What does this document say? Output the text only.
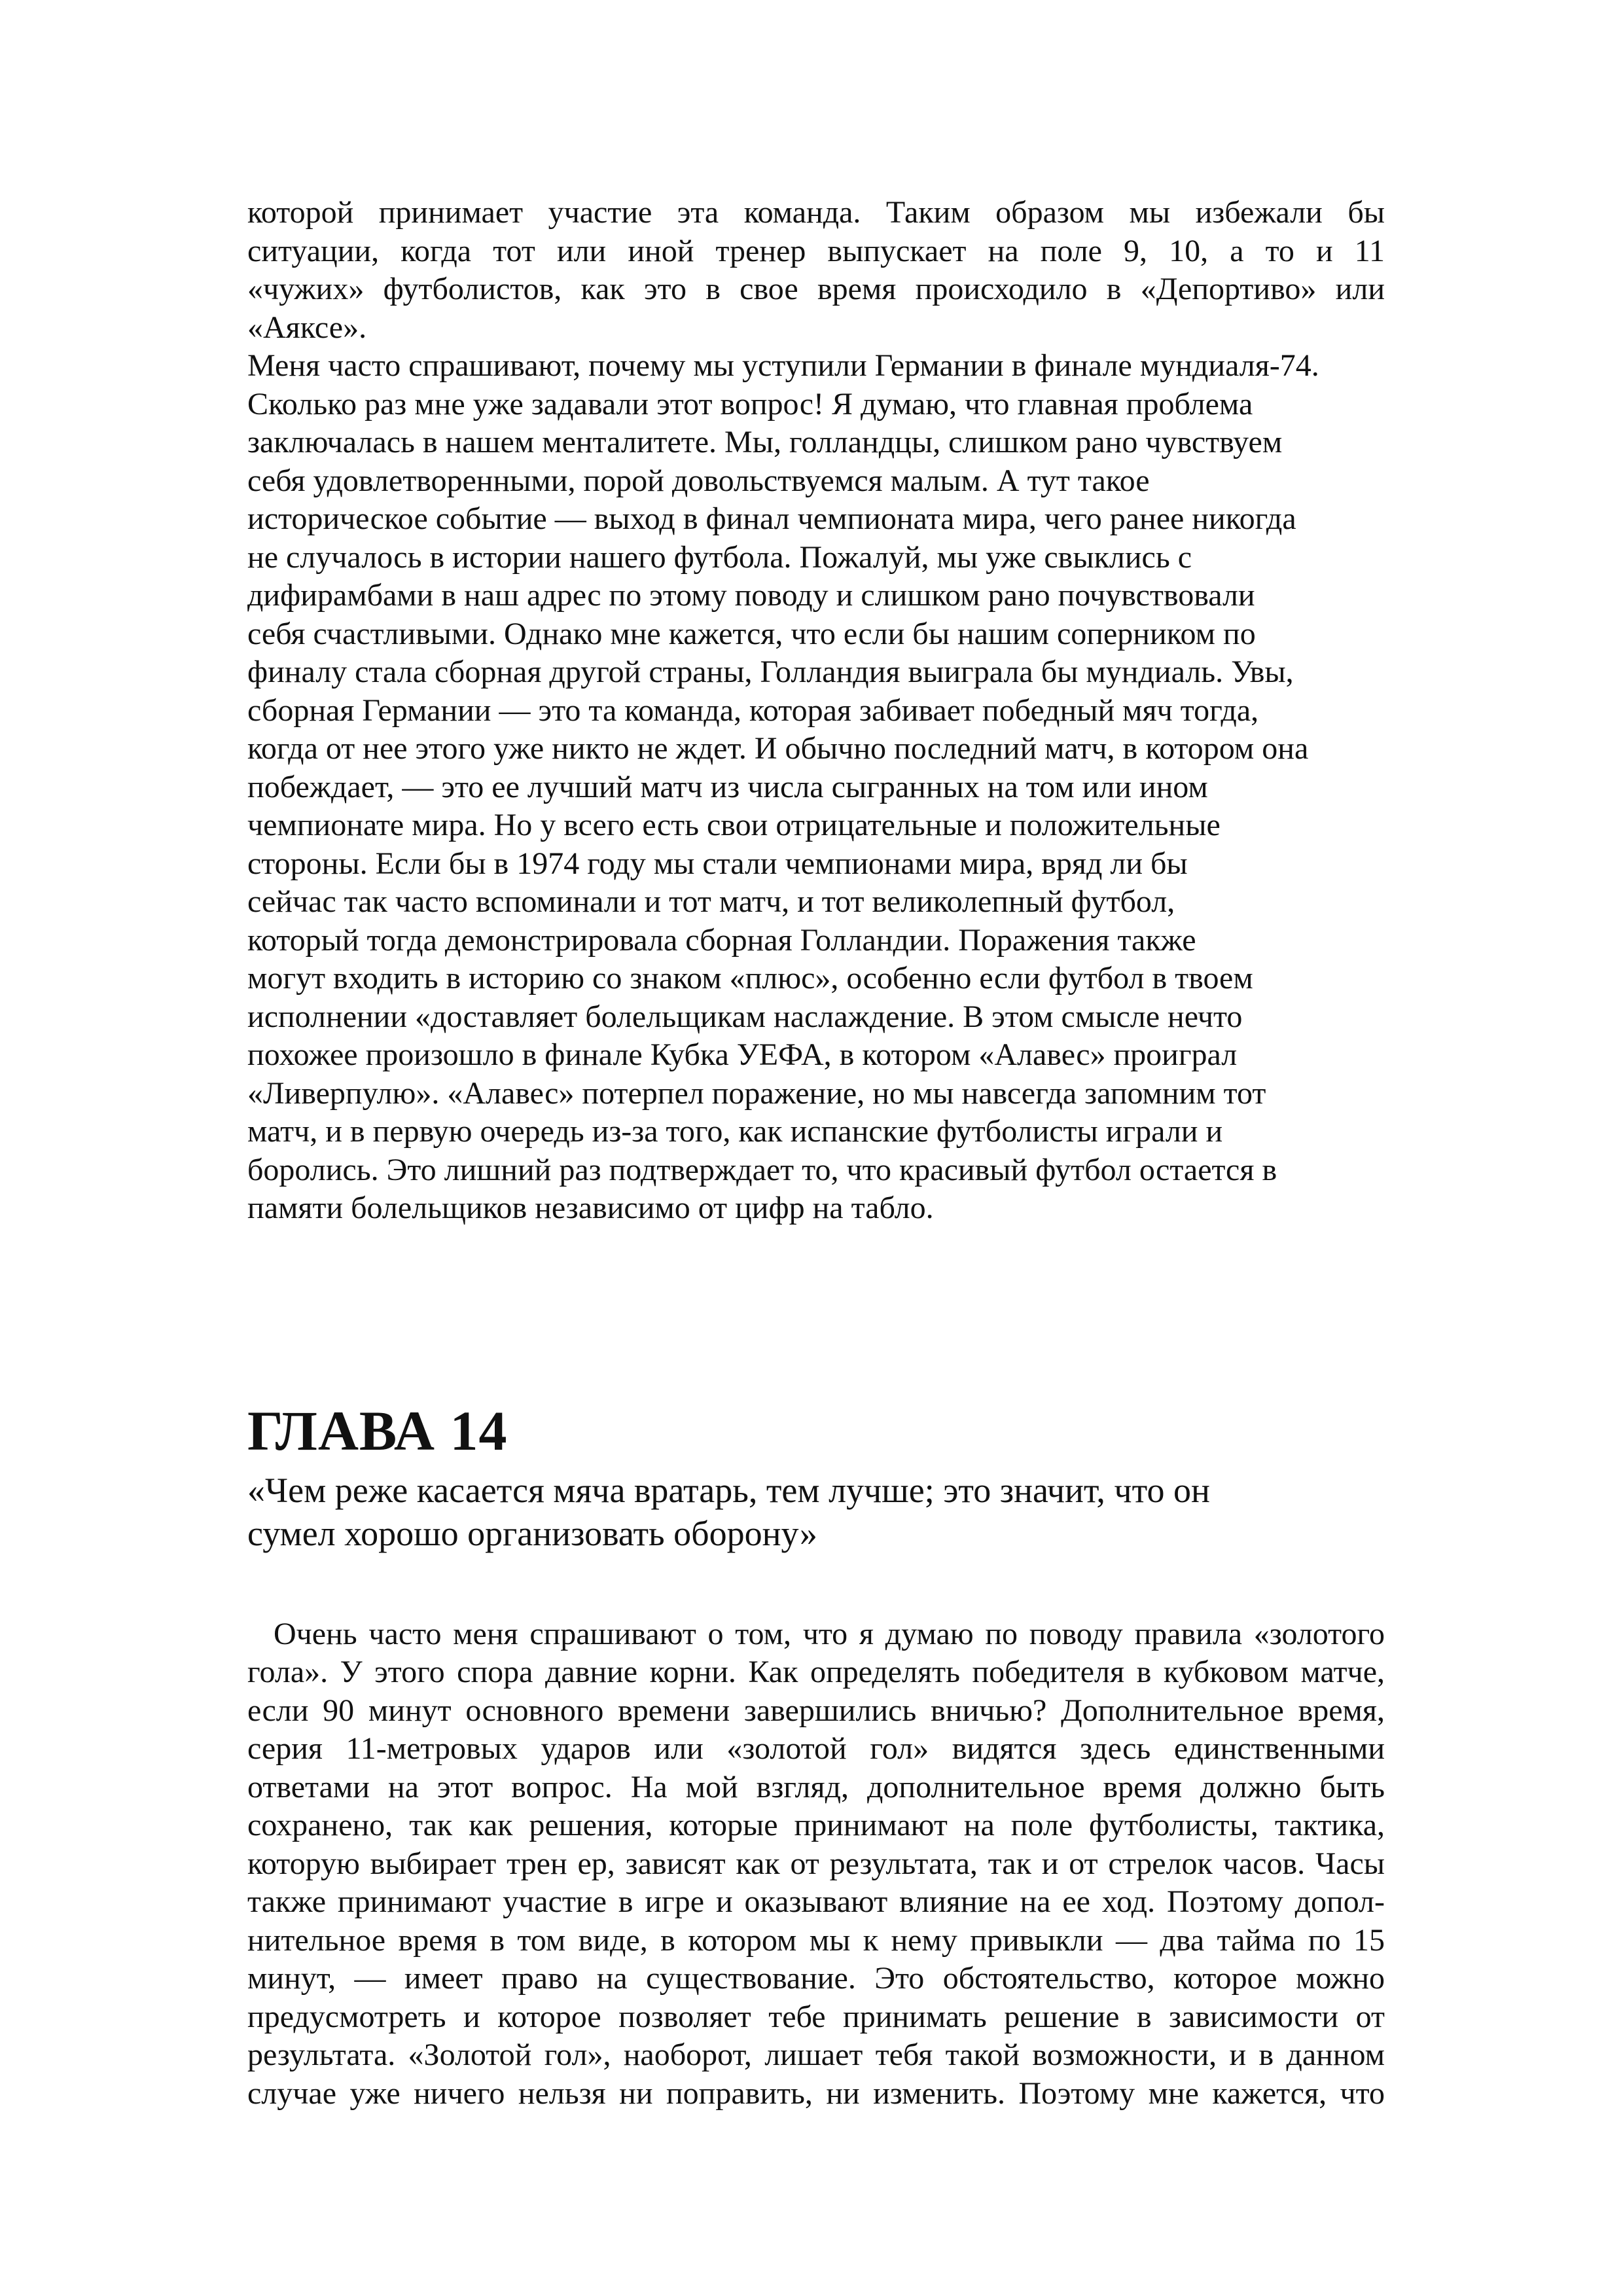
которой принимает участие эта команда. Таким образом мы избежали бы
ситуации, когда тот или иной тренер выпускает на поле 9, 10, а то и 11
«чужих» футболистов, как это в свое время происходило в «Депортиво» или
«Аяксе».
Меня часто спрашивают, почему мы уступили Германии в финале мундиаля-74.
Сколько раз мне уже задавали этот вопрос! Я думаю, что главная проблема
заключалась в нашем менталитете. Мы, голландцы, слишком рано чувствуем
себя удовлетворенными, порой довольствуемся малым. А тут такое
историческое событие — выход в финал чемпионата мира, чего ранее никогда
не случалось в истории нашего футбола. Пожалуй, мы уже свыклись с
дифирамбами в наш адрес по этому поводу и слишком рано почувствовали
себя счастливыми. Однако мне кажется, что если бы нашим соперником по
финалу стала сборная другой страны, Голландия выиграла бы мундиаль. Увы,
сборная Германии — это та команда, которая забивает победный мяч тогда,
когда от нее этого уже никто не ждет. И обычно последний матч, в котором она
побеждает, — это ее лучший матч из числа сыгранных на том или ином
чемпионате мира. Но у всего есть свои отрицательные и положительные
стороны. Если бы в 1974 году мы стали чемпионами мира, вряд ли бы
сейчас так часто вспоминали и тот матч, и тот великолепный футбол,
который тогда демонстрировала сборная Голландии. Поражения также
могут входить в историю со знаком «плюс», особенно если футбол в твоем
исполнении «доставляет болельщикам наслаждение. В этом смысле нечто
похожее произошло в финале Кубка УЕФА, в котором «Алавес» проиграл
«Ливерпулю». «Алавес» потерпел поражение, но мы навсегда запомним тот
матч, и в первую очередь из-за того, как испанские футболисты играли и
боролись. Это лишний раз подтверждает то, что красивый футбол остается в
памяти болельщиков независимо от цифр на табло.
ГЛАВА 14
«Чем реже касается мяча вратарь, тем лучше; это значит, что он
сумел хорошо организовать оборону»
Очень часто меня спрашивают о том, что я думаю по поводу правила «золотого
гола». У этого спора давние корни. Как определять победителя в кубковом матче,
если 90 минут основного времени завершились вничью? Дополнительное время,
серия 11-метровых ударов или «золотой гол» видятся здесь единственными
ответами на этот вопрос. На мой взгляд, дополнительное время должно быть
сохранено, так как решения, которые принимают на поле футболисты, тактика,
которую выбирает трен ер, зависят как от результата, так и от стрелок часов. Часы
также принимают участие в игре и оказывают влияние на ее ход. Поэтому допол-
нительное время в том виде, в котором мы к нему привыкли — два тайма по 15
минут, — имеет право на существование. Это обстоятельство, которое можно
предусмотреть и которое позволяет тебе принимать решение в зависимости от
результата. «Золотой гол», наоборот, лишает тебя такой возможности, и в данном
случае уже ничего нельзя ни поправить, ни изменить. Поэтому мне кажется, что
